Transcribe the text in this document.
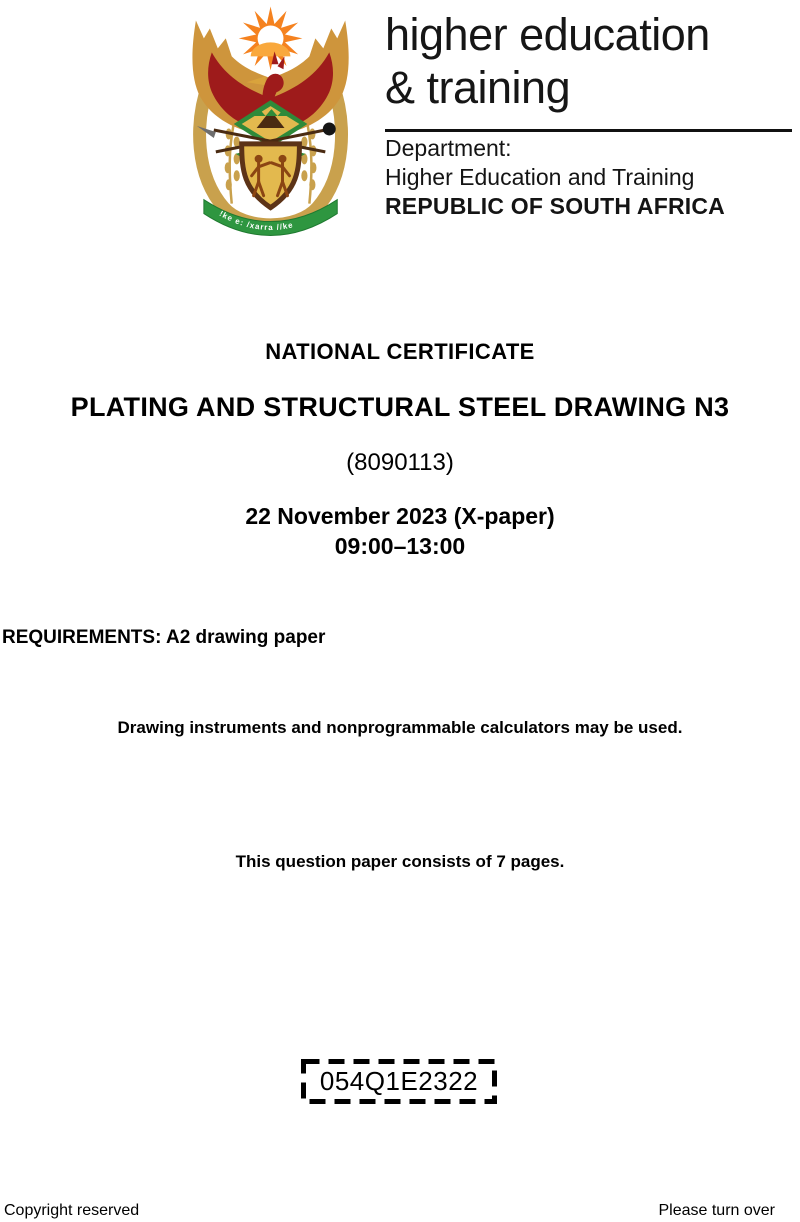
!ke e: /xarra //ke
higher education
& training
Department:
Higher Education and Training
REPUBLIC OF SOUTH AFRICA
NATIONAL CERTIFICATE
PLATING AND STRUCTURAL STEEL DRAWING N3
(8090113)
22 November 2023 (X-paper)
09:00–13:00
REQUIREMENTS: A2 drawing paper
Drawing instruments and nonprogrammable calculators may be used.
This question paper consists of 7 pages.
054Q1E2322
Copyright reserved	Please turn over
